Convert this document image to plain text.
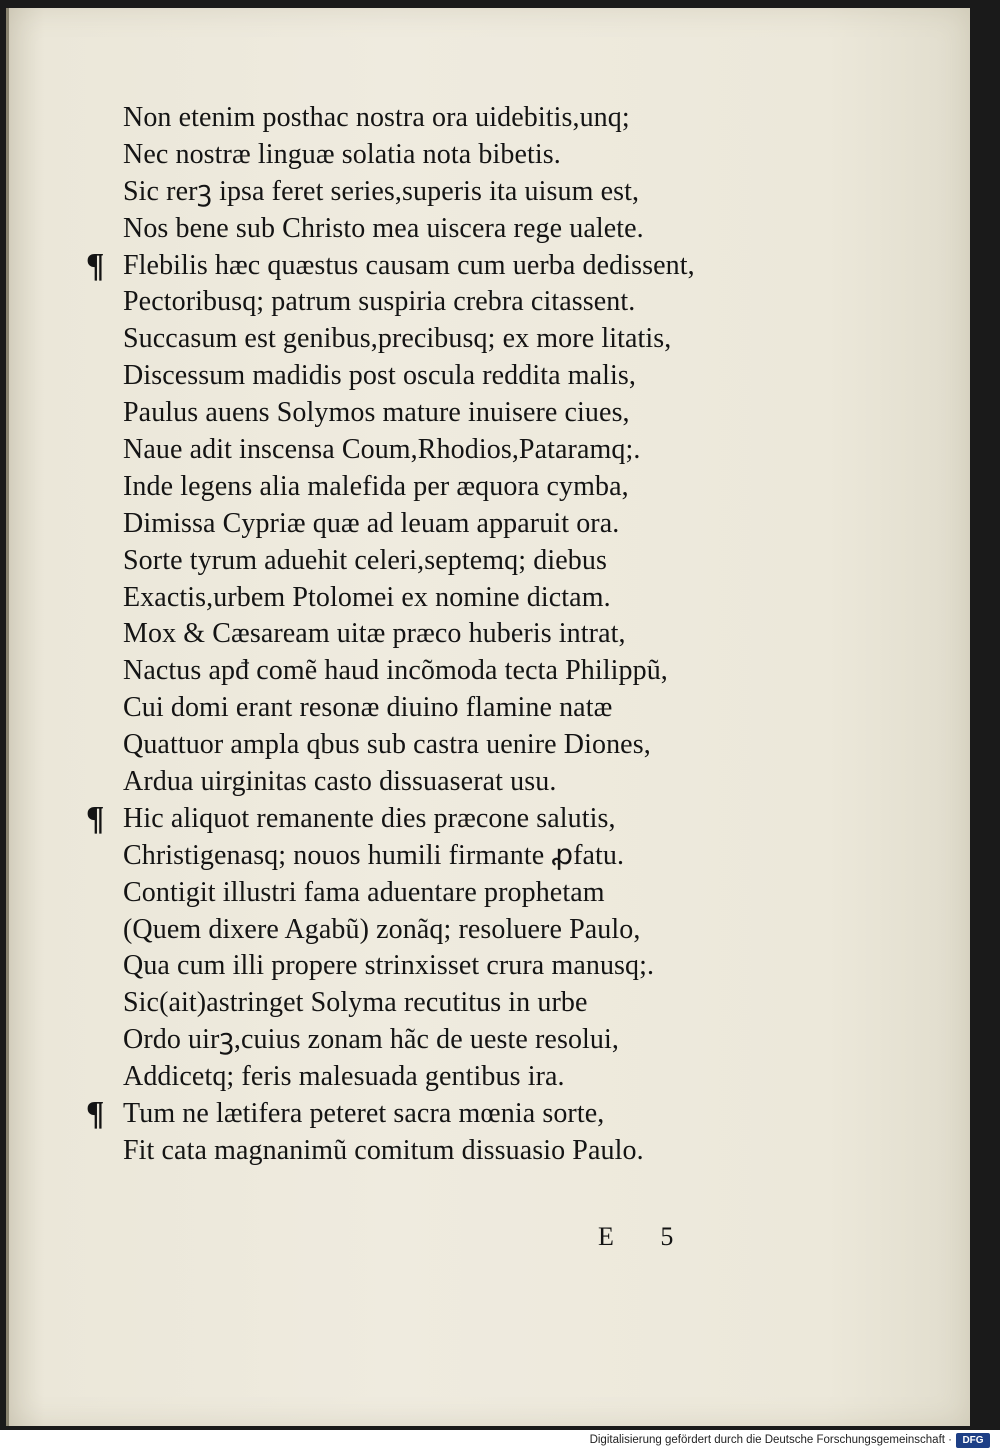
Non etenim posthac nostra ora uidebitis,unq;
Nec nostræ linguæ solatia nota bibetis.
Sic rerꝫ ipsa feret series,superis ita uisum est,
Nos bene sub Christo mea uiscera rege ualete.
¶ Flebilis hæc quæstus causam cum uerba dedissent,
Pectoribusq; patrum suspiria crebra citassent.
Succasum est genibus,precibusq; ex more litatis,
Discessum madidis post oscula reddita malis,
Paulus auens Solymos mature inuisere ciues,
Naue adit inscensa Coum,Rhodios,Pataramq;.
Inde legens alia malefida per æquora cymba,
Dimissa Cypriæ quæ ad leuam apparuit ora.
Sorte tyrum aduehit celeri,septemq; diebus
Exactis,urbem Ptolomei ex nomine dictam.
Mox & Cæsaream uitæ præco huberis intrat,
Nactus apđ comẽ haud incõmoda tecta Philippũ,
Cui domi erant resonæ diuino flamine natæ
Quattuor ampla qbus sub castra uenire Diones,
Ardua uirginitas casto dissuaserat usu.
¶ Hic aliquot remanente dies præcone salutis,
Christigenasq; nouos humili firmante ꝓfatu.
Contigit illustri fama aduentare prophetam
(Quem dixere Agabũ) zonãq; resoluere Paulo,
Qua cum illi propere strinxisset crura manusq;.
Sic(ait)astringet Solyma recutitus in urbe
Ordo uirꝫ,cuius zonam hãc de ueste resolui,
Addicetq; feris malesuada gentibus ira.
¶ Tum ne lætifera peteret sacra mœnia sorte,
Fit cata magnanimũ comitum dissuasio Paulo.
E 5
Digitalisierung gefördert durch die Deutsche Forschungsgemeinschaft ·	DFG
